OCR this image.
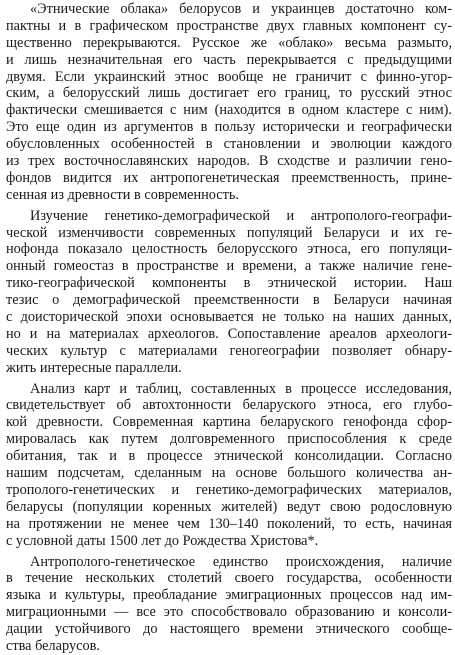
«Этнические облака» белорусов и украинцев достаточно ком-
пактны и в графическом пространстве двух главных компонент су-
щественно перекрываются. Русское же «облако» весьма размыто,
и лишь незначительная его часть перекрывается с предыдущими
двумя. Если украинский этнос вообще не граничит с финно-угор-
ским, а белорусский лишь достигает его границ, то русский этнос
фактически смешивается с ним (находится в одном кластере с ним).
Это еще один из аргументов в пользу исторически и географически
обусловленных особенностей в становлении и эволюции каждого
из трех восточнославянских народов. В сходстве и различии гено-
фондов видится их антропогенетическая преемственность, прине-
сенная из древности в современность.
Изучение генетико-демографической и антрополого-географи-
ческой изменчивости современных популяций Беларуси и их ге-
нофонда показало целостность белорусского этноса, его популяци-
онный гомеостаз в пространстве и времени, а также наличие гене-
тико-географической компоненты в этнической истории. Наш
тезис о демографической преемственности в Беларуси начиная
с доисторической эпохи основывается не только на наших данных,
но и на материалах археологов. Сопоставление ареалов археологи-
ческих культур с материалами геногеографии позволяет обнару-
жить интересные параллели.
Анализ карт и таблиц, составленных в процессе исследования,
свидетельствует об автохтонности беларуского этноса, его глубо-
кой древности. Современная картина беларуского генофонда сфор-
мировалась как путем долговременного приспособления к среде
обитания, так и в процессе этнической консолидации. Согласно
нашим подсчетам, сделанным на основе большого количества ан-
трополого-генетических и генетико-демографических материалов,
беларусы (популяции коренных жителей) ведут свою родословную
на протяжении не менее чем 130–140 поколений, то есть, начиная
с условной даты 1500 лет до Рождества Христова*.
Антрополого-генетическое единство происхождения, наличие
в течение нескольких столетий своего государства, особенности
языка и культуры, преобладание эмиграционных процессов над им-
миграционными — все это способствовало образованию и консоли-
дации устойчивого до настоящего времени этнического сообще-
ства беларусов.
